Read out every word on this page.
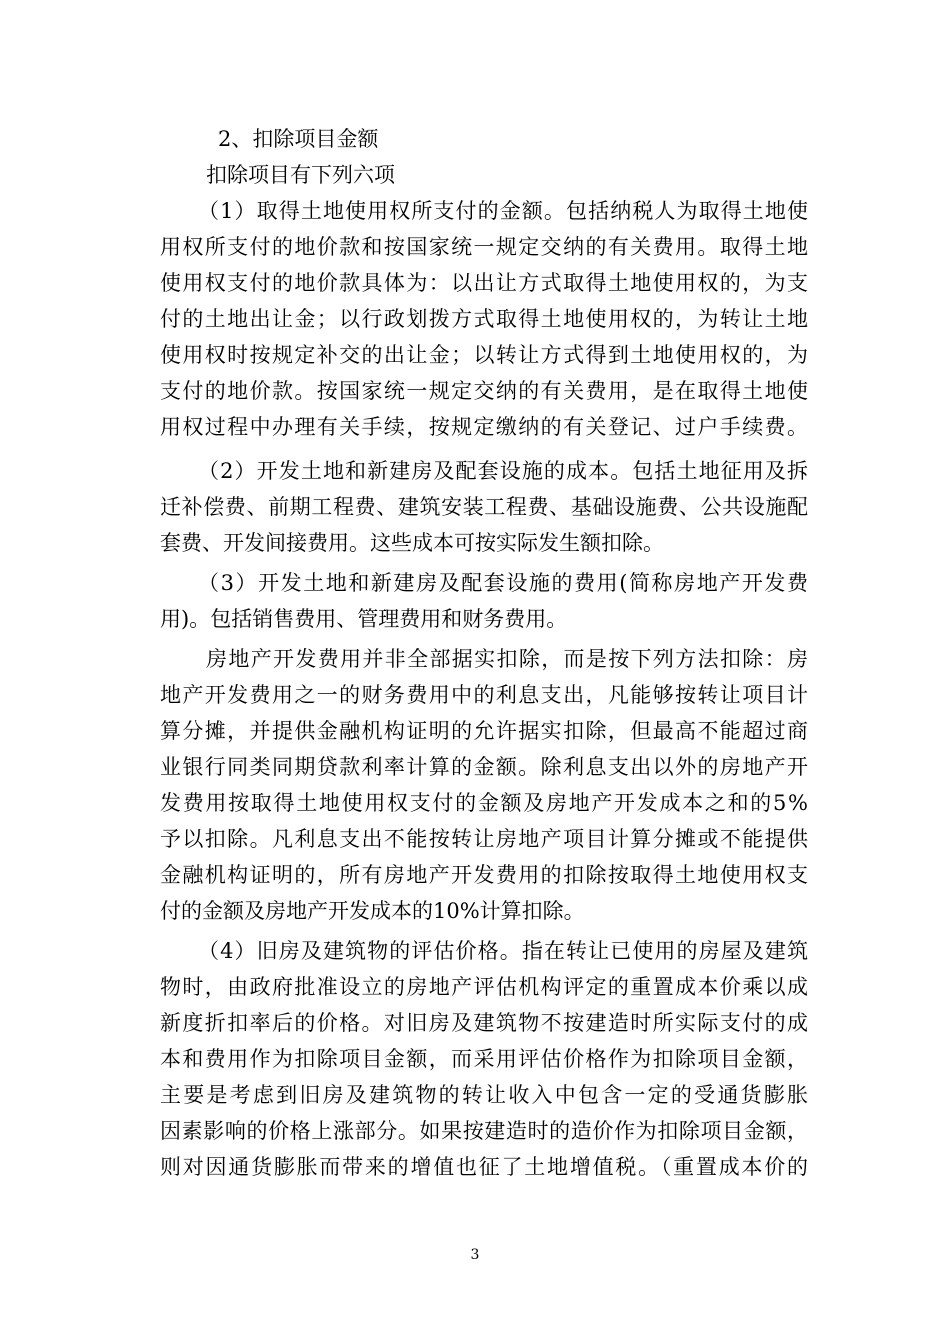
2、扣除项目金额
扣除项目有下列六项
（1）取得土地使用权所支付的金额。包括纳税人为取得土地使
用权所支付的地价款和按国家统一规定交纳的有关费用。取得土地
使用权支付的地价款具体为：以出让方式取得土地使用权的，为支
付的土地出让金；以行政划拨方式取得土地使用权的，为转让土地
使用权时按规定补交的出让金；以转让方式得到土地使用权的，为
支付的地价款。按国家统一规定交纳的有关费用，是在取得土地使
用权过程中办理有关手续，按规定缴纳的有关登记、过户手续费。
（2）开发土地和新建房及配套设施的成本。包括土地征用及拆
迁补偿费、前期工程费、建筑安装工程费、基础设施费、公共设施配
套费、开发间接费用。这些成本可按实际发生额扣除。
（3）开发土地和新建房及配套设施的费用(简称房地产开发费
用)。包括销售费用、管理费用和财务费用。
房地产开发费用并非全部据实扣除，而是按下列方法扣除：房
地产开发费用之一的财务费用中的利息支出，凡能够按转让项目计
算分摊，并提供金融机构证明的允许据实扣除，但最高不能超过商
业银行同类同期贷款利率计算的金额。除利息支出以外的房地产开
发费用按取得土地使用权支付的金额及房地产开发成本之和的5%
予以扣除。凡利息支出不能按转让房地产项目计算分摊或不能提供
金融机构证明的，所有房地产开发费用的扣除按取得土地使用权支
付的金额及房地产开发成本的10%计算扣除。
（4）旧房及建筑物的评估价格。指在转让已使用的房屋及建筑
物时，由政府批准设立的房地产评估机构评定的重置成本价乘以成
新度折扣率后的价格。对旧房及建筑物不按建造时所实际支付的成
本和费用作为扣除项目金额，而采用评估价格作为扣除项目金额，
主要是考虑到旧房及建筑物的转让收入中包含一定的受通货膨胀
因素影响的价格上涨部分。如果按建造时的造价作为扣除项目金额，
则对因通货膨胀而带来的增值也征了土地增值税。（重置成本价的
3
